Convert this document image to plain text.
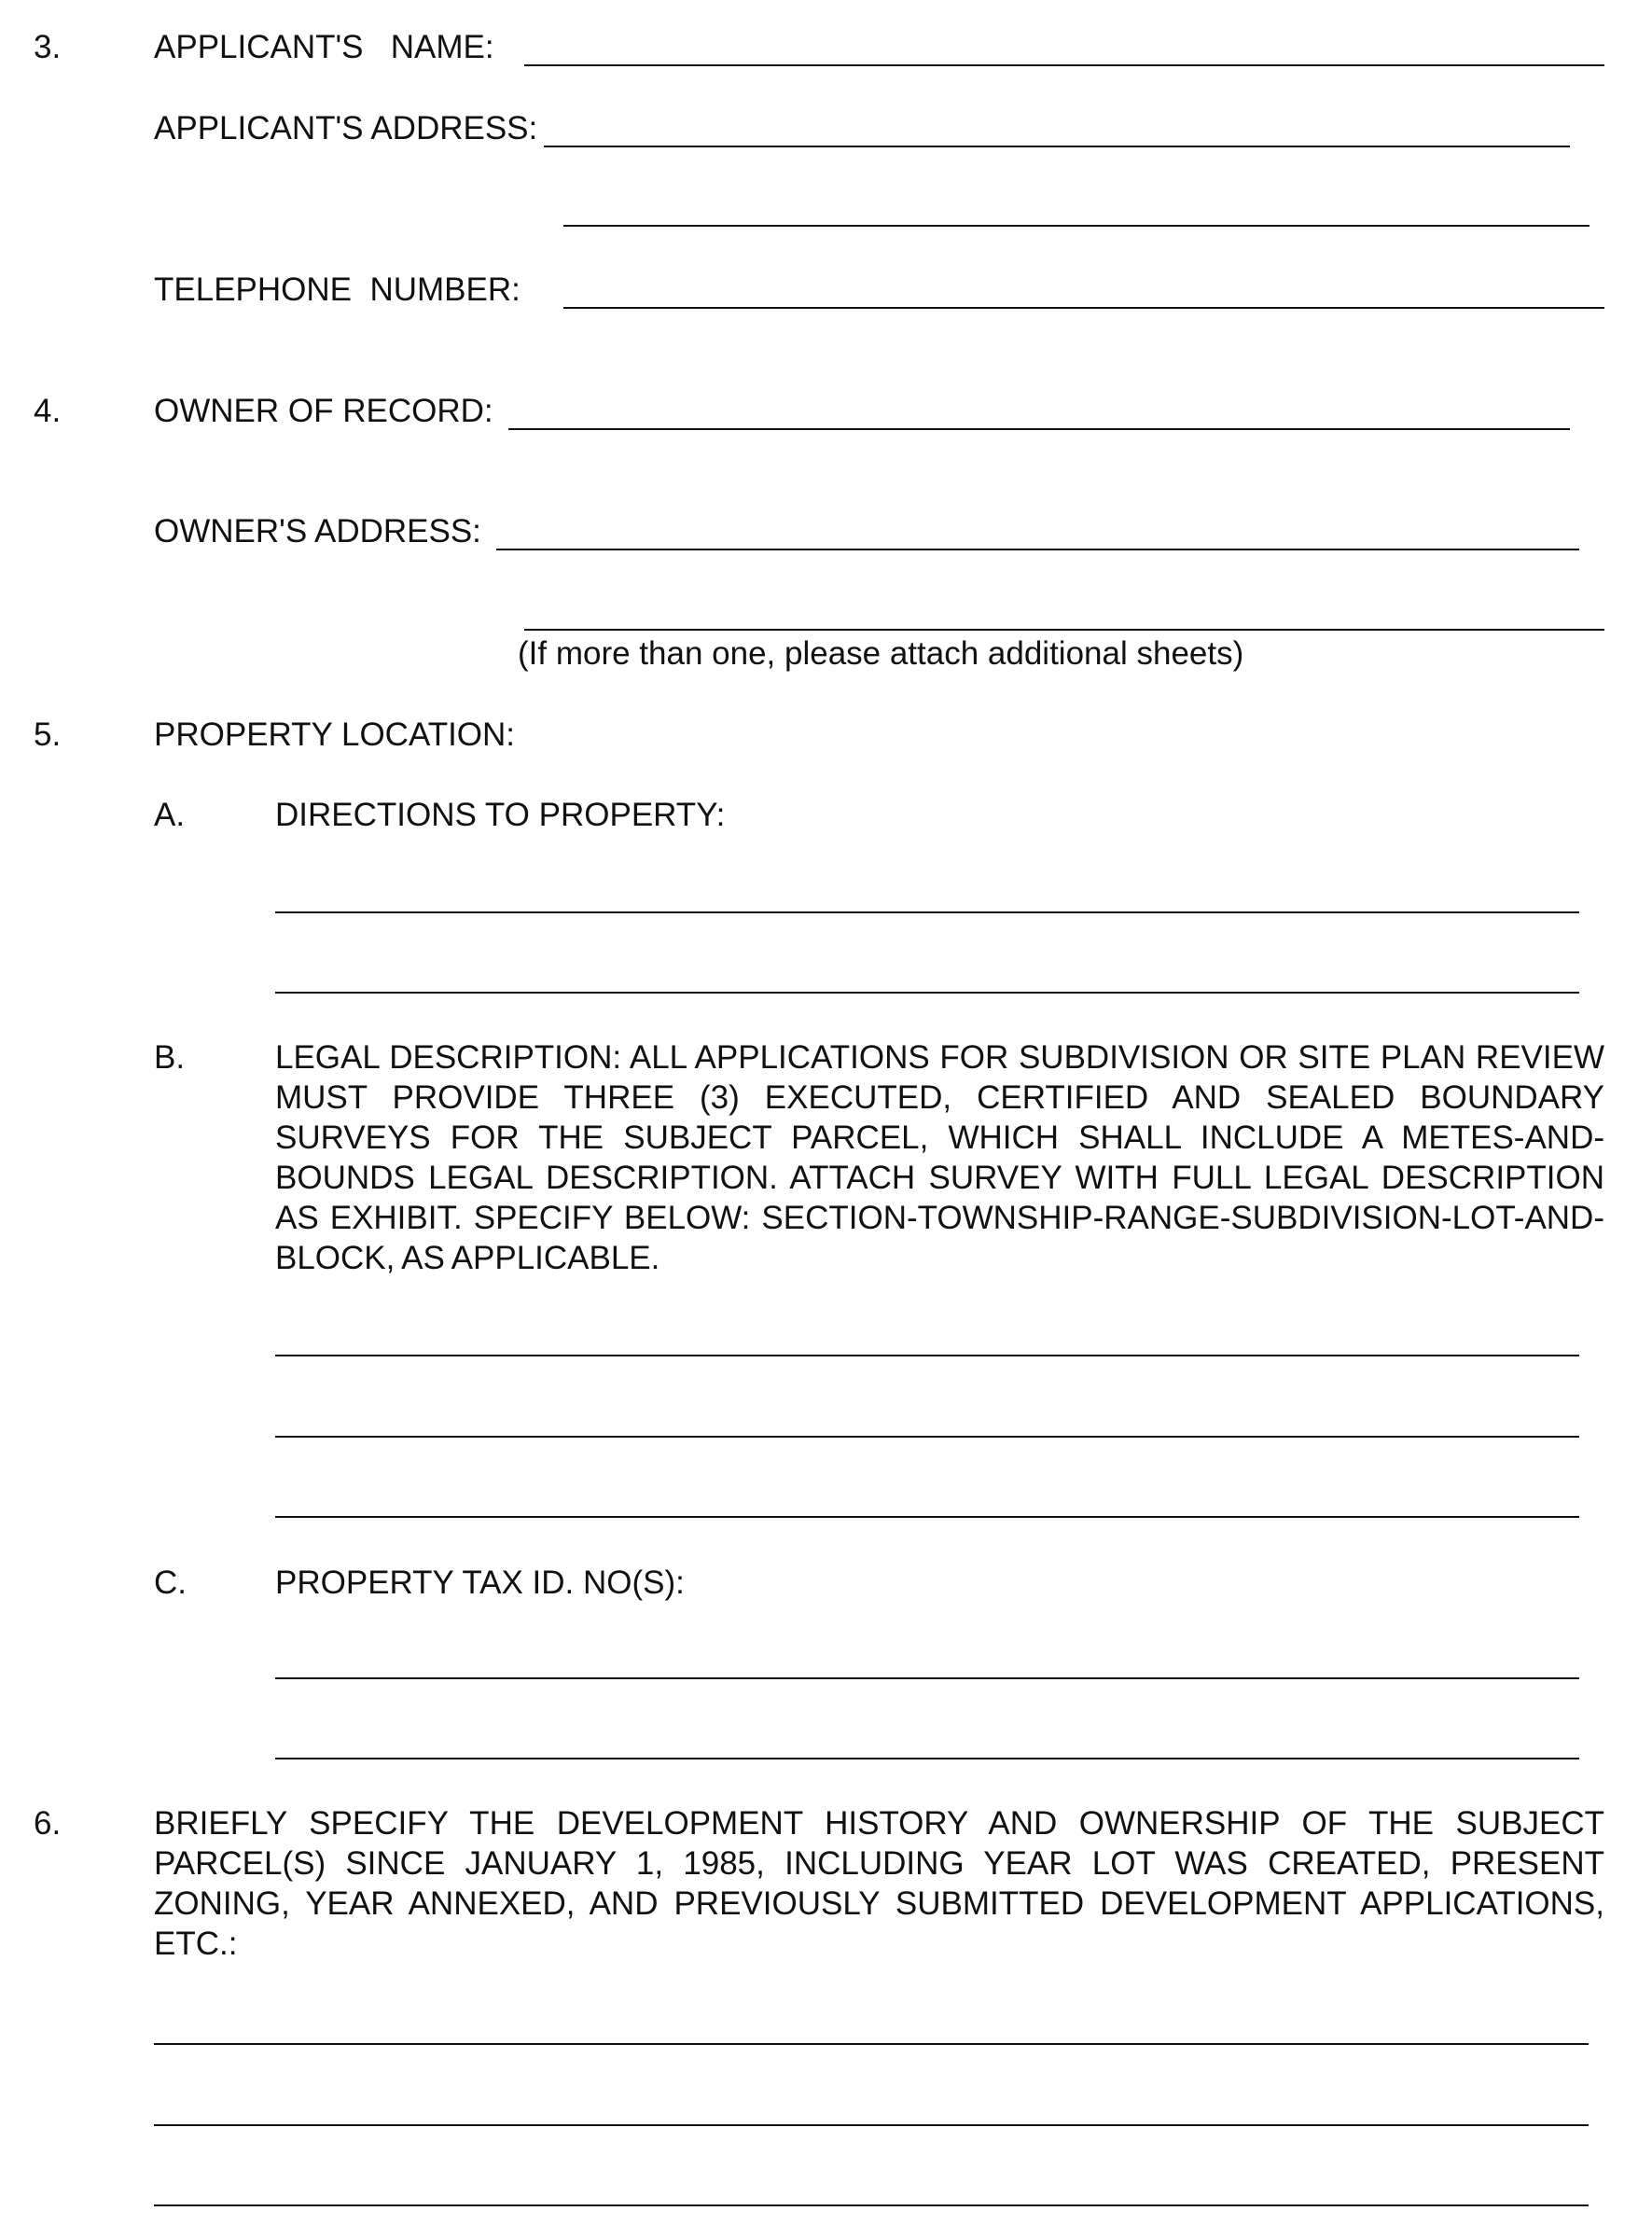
3.	APPLICANT'S   NAME:
APPLICANT'S ADDRESS:
TELEPHONE  NUMBER:
4.	OWNER OF RECORD:
OWNER'S ADDRESS:
(If more than one, please attach additional sheets)
5.	PROPERTY LOCATION:
A.	DIRECTIONS TO PROPERTY:
B.	LEGAL DESCRIPTION: ALL APPLICATIONS FOR SUBDIVISION OR SITE PLAN REVIEW MUST PROVIDE THREE (3) EXECUTED, CERTIFIED AND SEALED BOUNDARY SURVEYS FOR THE SUBJECT PARCEL, WHICH SHALL INCLUDE A METES-AND-BOUNDS LEGAL DESCRIPTION. ATTACH SURVEY WITH FULL LEGAL DESCRIPTION AS EXHIBIT. SPECIFY BELOW: SECTION-TOWNSHIP-RANGE-SUBDIVISION-LOT-AND-BLOCK, AS APPLICABLE.
C.	PROPERTY TAX ID. NO(S):
6.	BRIEFLY SPECIFY THE DEVELOPMENT HISTORY AND OWNERSHIP OF THE SUBJECT PARCEL(S) SINCE JANUARY 1, 1985, INCLUDING YEAR LOT WAS CREATED, PRESENT ZONING, YEAR ANNEXED, AND PREVIOUSLY SUBMITTED DEVELOPMENT APPLICATIONS, ETC.:
